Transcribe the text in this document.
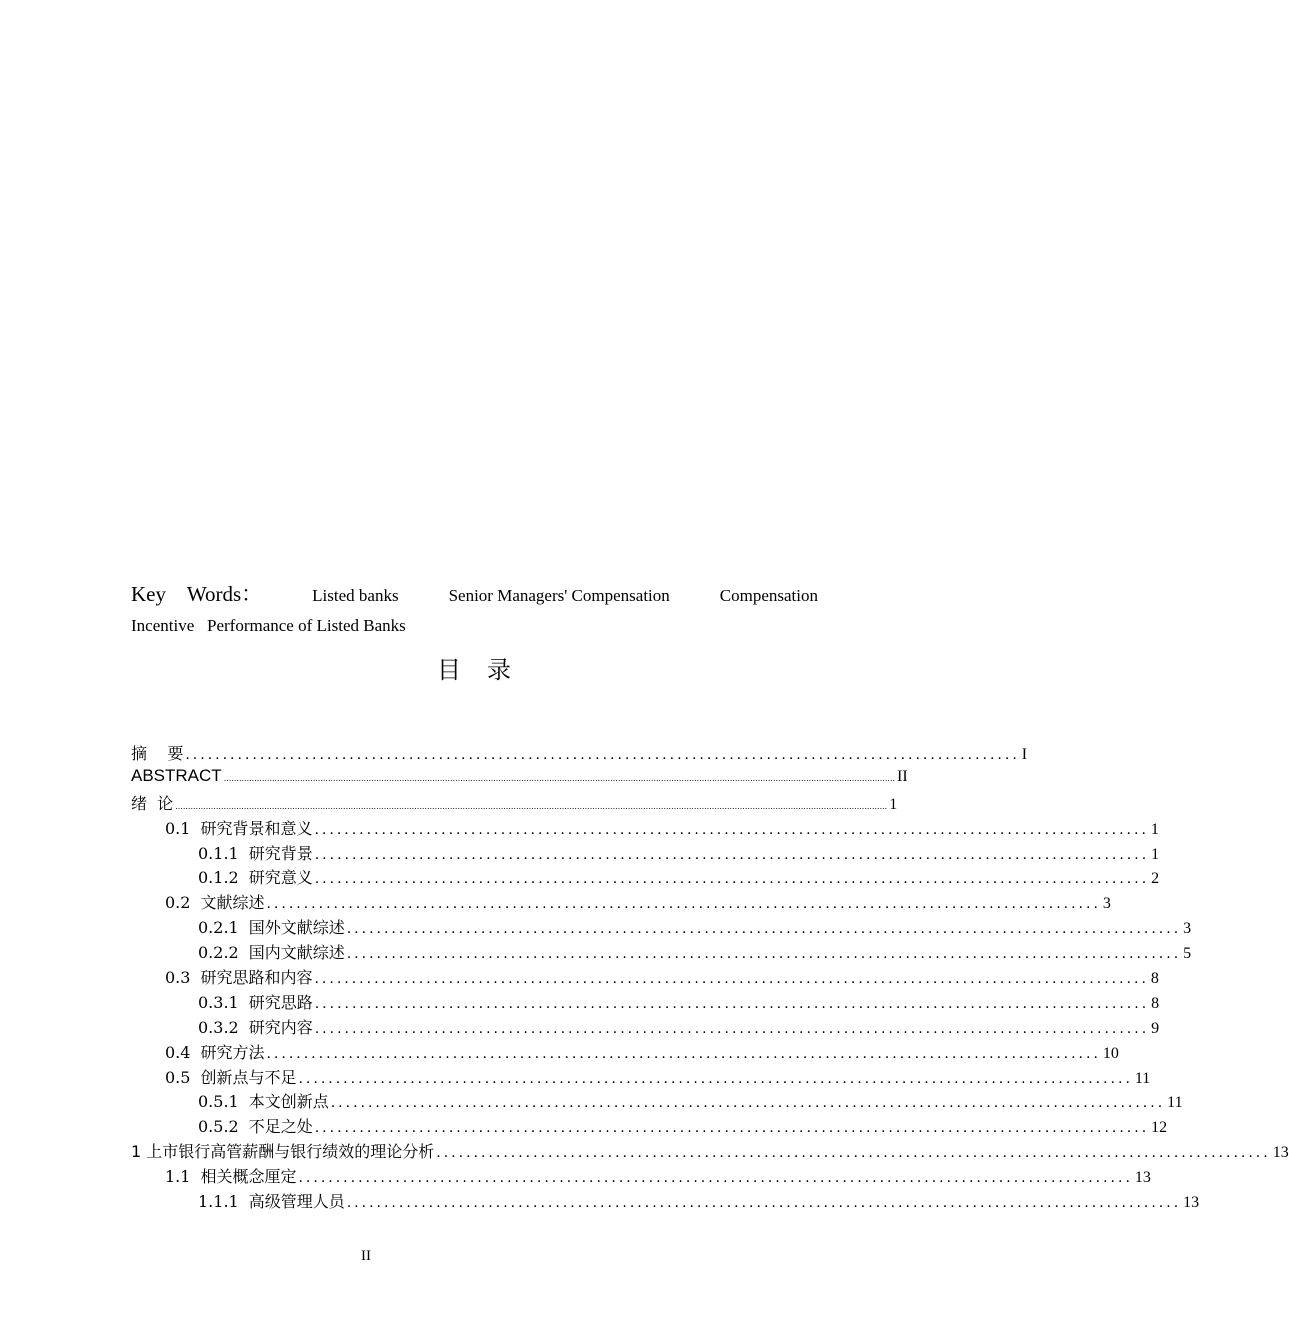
Key Words：	Listed banks	Senior Managers' Compensation	Compensation
Incentive   Performance of Listed Banks
目录
摘    要 ................................................................................................................ I
ABSTRACT ........................................................................................................................................................................................................................................................................ II
绪  论 ........................................................................................................................................................................................................................................................................................ 1
0.1 研究背景和意义 ................................................................................................................ 1
0.1.1 研究背景 ................................................................................................................ 1
0.1.2 研究意义 ................................................................................................................ 2
0.2 文献综述 ................................................................................................................ 3
0.2.1 国外文献综述 ................................................................................................................ 3
0.2.2 国内文献综述 ................................................................................................................ 5
0.3 研究思路和内容 ................................................................................................................ 8
0.3.1 研究思路 ................................................................................................................ 8
0.3.2 研究内容 ................................................................................................................ 9
0.4 研究方法 ................................................................................................................ 10
0.5 创新点与不足 ................................................................................................................ 11
0.5.1 本文创新点 ................................................................................................................ 11
0.5.2 不足之处 ................................................................................................................ 12
1 上市银行高管薪酬与银行绩效的理论分析 ................................................................................................................ 13
1.1 相关概念厘定 ................................................................................................................ 13
1.1.1 高级管理人员 ................................................................................................................ 13
II
